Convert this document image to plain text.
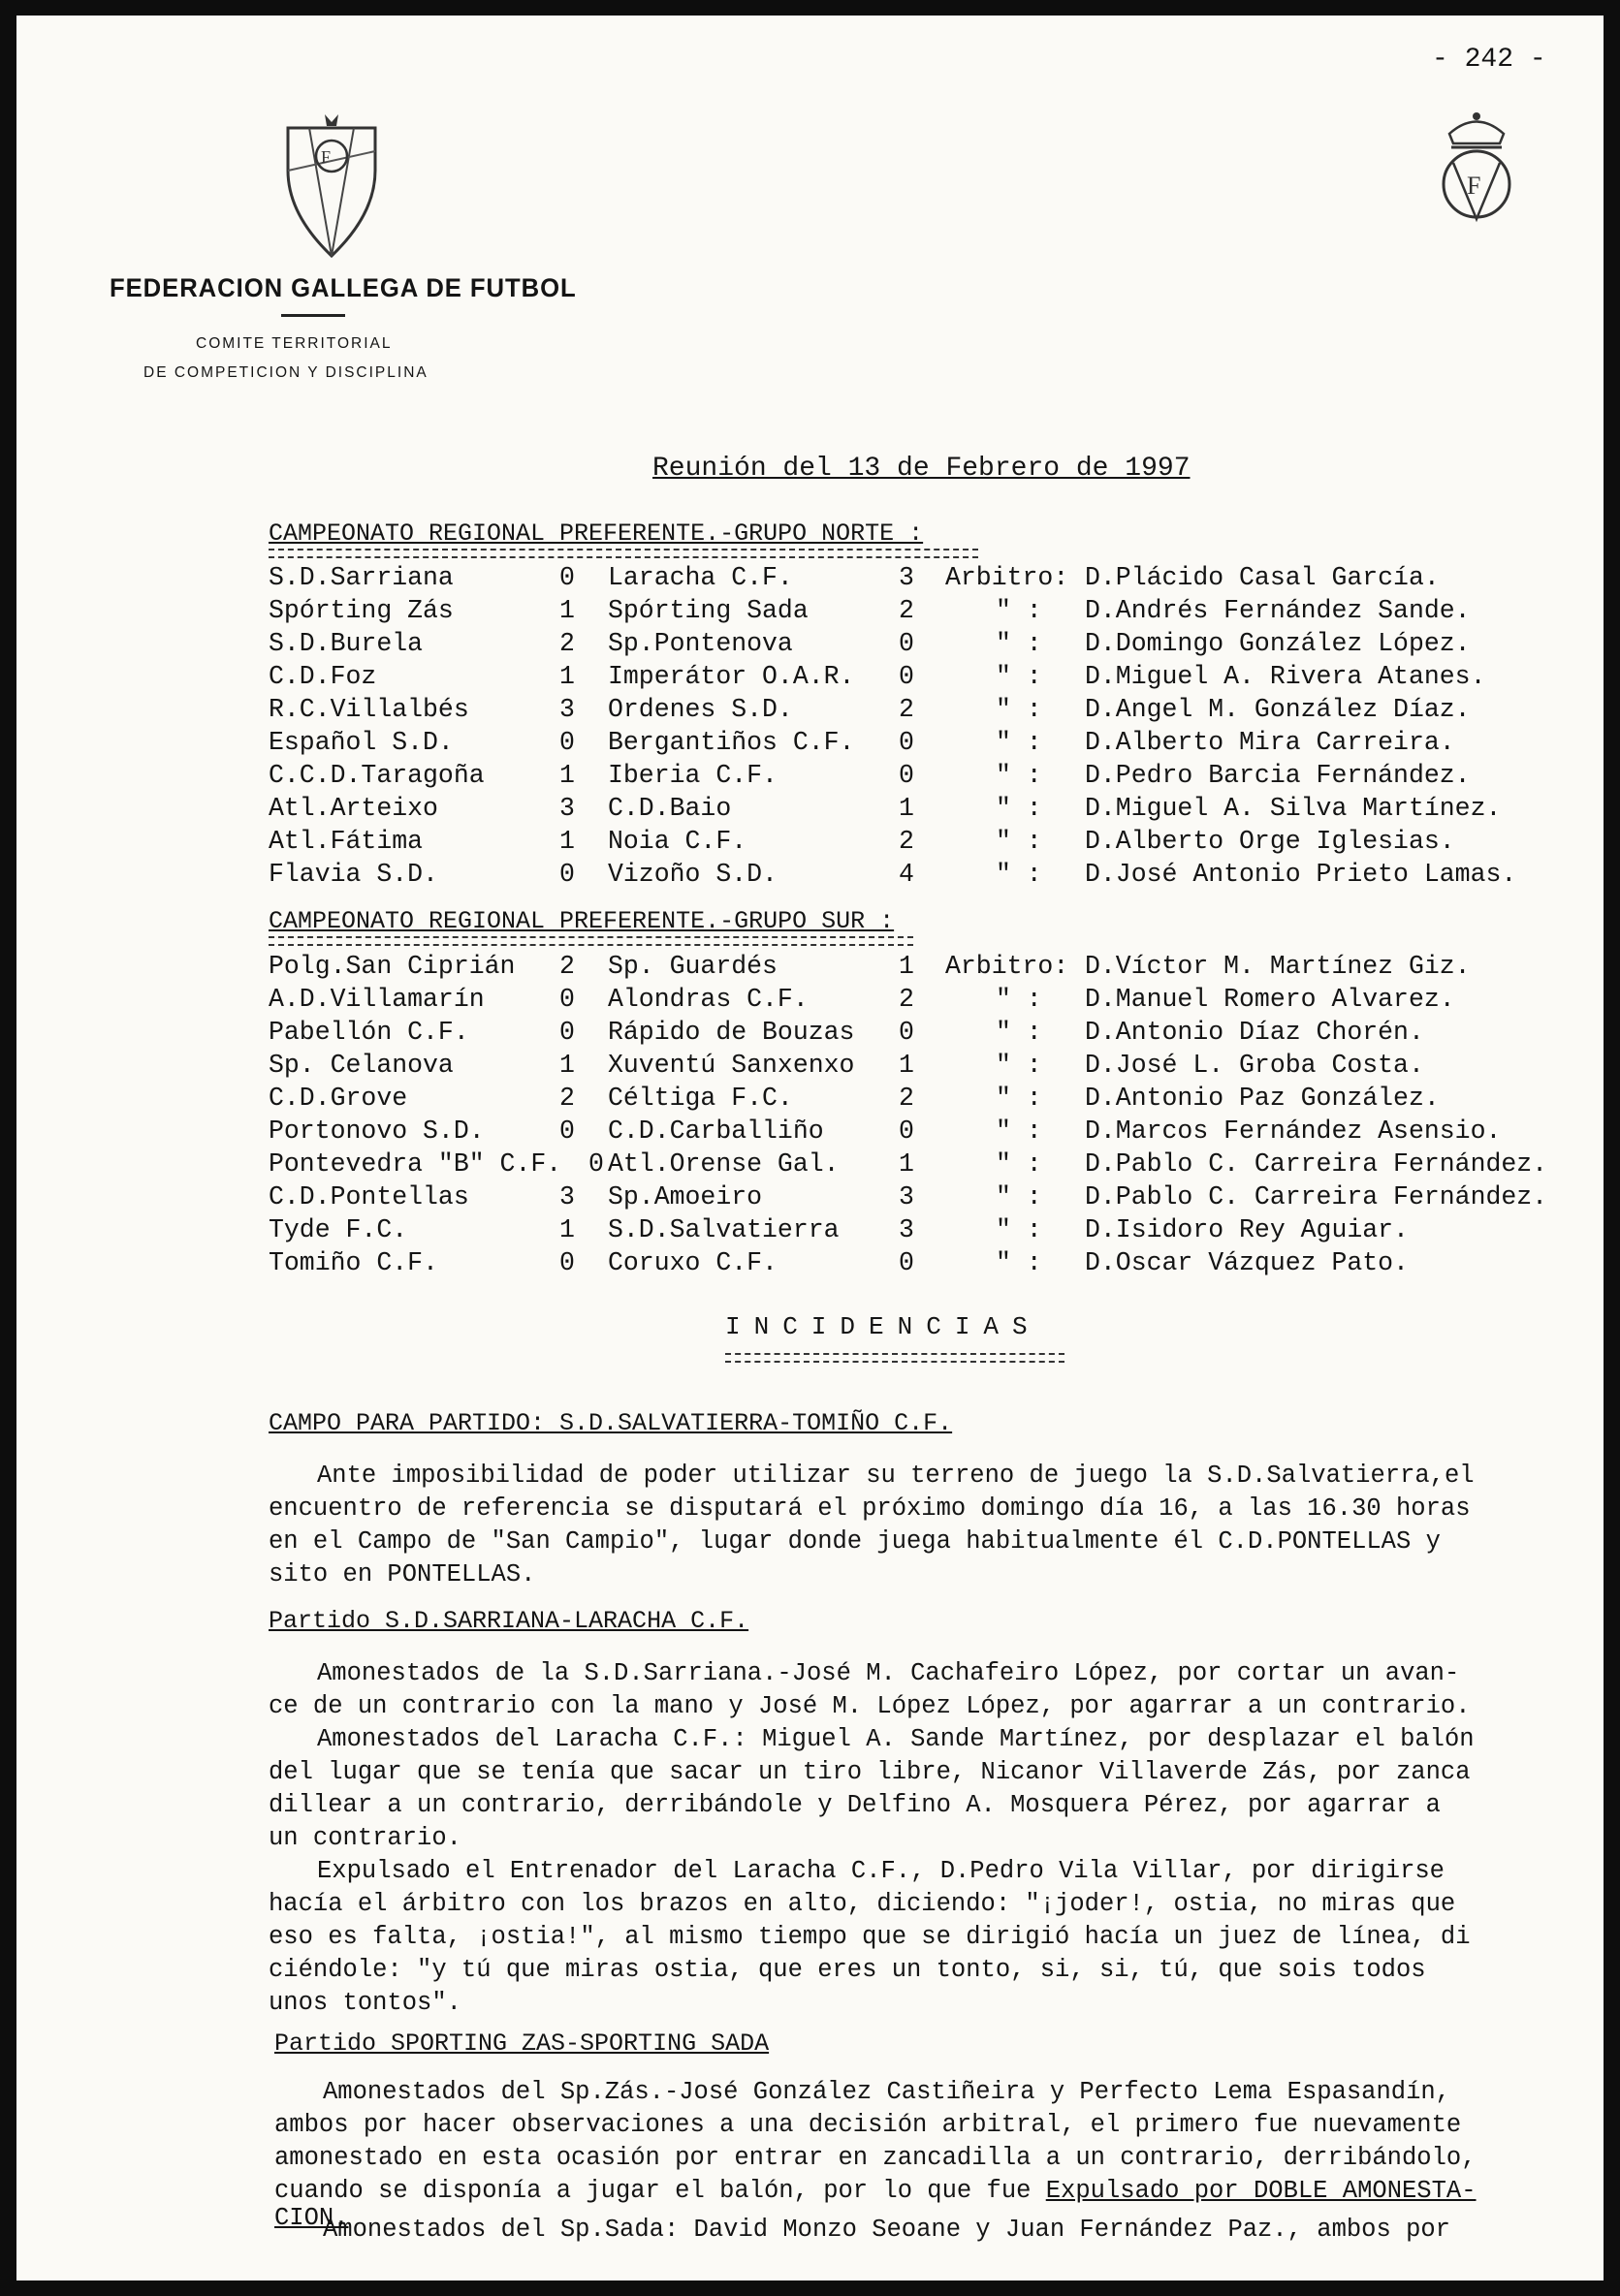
- 242 -
F
FEDERACION GALLEGA DE FUTBOL
COMITE TERRITORIAL
DE COMPETICION Y DISCIPLINA
F
Reunión del 13 de Febrero de 1997
CAMPEONATO REGIONAL PREFERENTE.-GRUPO NORTE :
S.D.Sarriana	0 Laracha C.F.	3 Arbitro: D.Plácido Casal García.
Spórting Zás	1 Spórting Sada	2	" : D.Andrés Fernández Sande.
S.D.Burela	2 Sp.Pontenova	0	" : D.Domingo González López.
C.D.Foz	1 Imperátor O.A.R. 0	" : D.Miguel A. Rivera Atanes.
R.C.Villalbés	3 Ordenes S.D.	2	" : D.Angel M. González Díaz.
Español S.D.	0 Bergantiños C.F. 0	" : D.Alberto Mira Carreira.
C.C.D.Taragoña	1 Iberia C.F.	0	" : D.Pedro Barcia Fernández.
Atl.Arteixo	3 C.D.Baio	1	" : D.Miguel A. Silva Martínez.
Atl.Fátima	1 Noia C.F.	2	" : D.Alberto Orge Iglesias.
Flavia S.D.	0 Vizoño S.D.	4	" : D.José Antonio Prieto Lamas.
CAMPEONATO REGIONAL PREFERENTE.-GRUPO SUR :
Polg.San Ciprián 2 Sp. Guardés	1 Arbitro: D.Víctor M. Martínez Giz.
A.D.Villamarín	0 Alondras C.F.	2	" : D.Manuel Romero Alvarez.
Pabellón C.F.	0 Rápido de Bouzas 0	" : D.Antonio Díaz Chorén.
Sp. Celanova	1 Xuventú Sanxenxo 1	" : D.José L. Groba Costa.
C.D.Grove	2 Céltiga F.C.	2	" : D.Antonio Paz González.
Portonovo S.D.	0 C.D.Carballiño	0	" : D.Marcos Fernández Asensio.
Pontevedra "B" C.F. 0 Atl.Orense Gal. 1	" : D.Pablo C. Carreira Fernández.
C.D.Pontellas	3 Sp.Amoeiro	3	" : D.Pablo C. Carreira Fernández.
Tyde F.C.	1 S.D.Salvatierra 3	" : D.Isidoro Rey Aguiar.
Tomiño C.F.	0 Coruxo C.F.	0	" : D.Oscar Vázquez Pato.
INCIDENCIAS
CAMPO PARA PARTIDO: S.D.SALVATIERRA-TOMIÑO C.F.
Ante imposibilidad de poder utilizar su terreno de juego la S.D.Salvatierra,el
encuentro de referencia se disputará el próximo domingo día 16, a las 16.30 horas
en el Campo de "San Campio", lugar donde juega habitualmente él C.D.PONTELLAS y
sito en PONTELLAS.
Partido S.D.SARRIANA-LARACHA C.F.
Amonestados de la S.D.Sarriana.-José M. Cachafeiro López, por cortar un avan-
ce de un contrario con la mano y José M. López López, por agarrar a un contrario.
Amonestados del Laracha C.F.: Miguel A. Sande Martínez, por desplazar el balón
del lugar que se tenía que sacar un tiro libre, Nicanor Villaverde Zás, por zanca
dillear a un contrario, derribándole y Delfino A. Mosquera Pérez, por agarrar a
un contrario.
Expulsado el Entrenador del Laracha C.F., D.Pedro Vila Villar, por dirigirse
hacía el árbitro con los brazos en alto, diciendo: "¡joder!, ostia, no miras que
eso es falta, ¡ostia!", al mismo tiempo que se dirigió hacía un juez de línea, di
ciéndole: "y tú que miras ostia, que eres un tonto, si, si, tú, que sois todos
unos tontos".
Partido SPORTING ZAS-SPORTING SADA
Amonestados del Sp.Zás.-José González Castiñeira y Perfecto Lema Espasandín,
ambos por hacer observaciones a una decisión arbitral, el primero fue nuevamente
amonestado en esta ocasión por entrar en zancadilla a un contrario, derribándolo,
cuando se disponía a jugar el balón, por lo que fue Expulsado por DOBLE AMONESTA-
CION.
Amonestados del Sp.Sada: David Monzo Seoane y Juan Fernández Paz., ambos por
